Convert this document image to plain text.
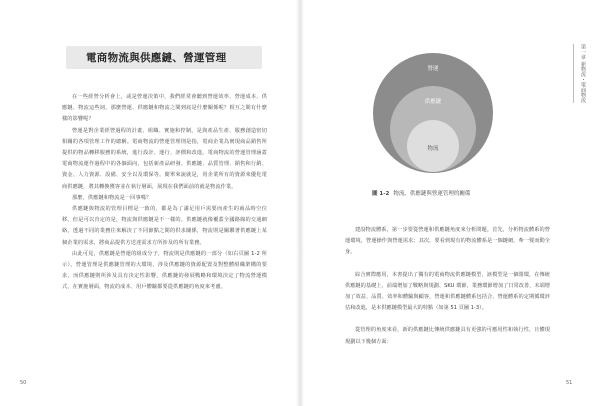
電商物流與供應鏈、營運管理

在一些經營分析會上，或是營運決策中，我們經常會聽到營運效率、營運成本、供應鏈、物流這些詞，那麼營運、供應鏈和物流之間到底是什麼關係呢？相互之間有什麼樣的影響呢？

營運是對企業經營過程的計畫、組織、實施和控制，是與產品生產、服務創造密切相關的各項管理工作的總稱。電商物流的營運管理則是指，電商企業為實現商品銷售所提供的物品轉移服務的系統，進行設計、運行、評價和改進。電商物流的營運管理涵蓋電商物流運作過程中的各個面向，包括新產品研發、供應鏈、品質管理、銷售和行銷、資金、人力資源、設備、安全以及環保等。簡單來說就是，用企業所有的資源來優化電商供應鏈，將其轉換獲客並在執行層面，展現在我們面前的就是物流作業。

那麼，供應鏈和物流是一回事嗎？

供應鏈與物流的管理目標是一致的，都是為了滿足用戶需要而產生的商品時空位移。但是可以肯定的是，物流與供應鏈是不一樣的。供應鏈就像覆蓋全國路線的交通網絡，透過不同的業務往來解決了不同節點之間的供求關係，物流則是關聯著供應鏈上某個企業的需求，將商品提供方送達需求方所涉及的所有業務。

由此可見，供應鏈是營運的組成分子，物流則是供應鏈的一部分（如右頁圖 1-2 所示）。營運管理是供應鏈管理的大環境，涉及供應鏈的資源配置及對整體組織架構的要求，而供應鏈則所涉及具有決定性影響，供應鏈的發展戰略和環境決定了物流營運模式，在實施層面，物流的成本、用戶體驗都要從供應鏈的角度來考慮。

50
營運
供應鏈
物流
圖 1-2 物流、供應鏈與營運管理的關係

建設物流體系，第一步要從營運和供應鏈角度來分析問題。首先，分析物流體系的營運環境，營運操作與營運需求；其次，要看到現有的物流體系是一個鏈網，牽一髮而動全身。

綜合實際應用，本書提出了獨有的電商物流供應鏈模型，該模型是一個閉環，在傳統供應鏈的基礎上，前端增加了戰略與規劃、SKU 環節，業務環節增加了日常改善，末端增加了效益、品質、效率和體驗與顧客，營運和供應鏈體系包括合、營運體系的定期循環評估和改進，是本供應鏈模型最大的特點（如第 51 頁圖 1-3）。

從管理的角度來看，新的供應鏈比傳統供應鏈具有更強的可應用性和執行性，且體現規劃以下幾個方面：

第一章 新物流・電商物流
51
